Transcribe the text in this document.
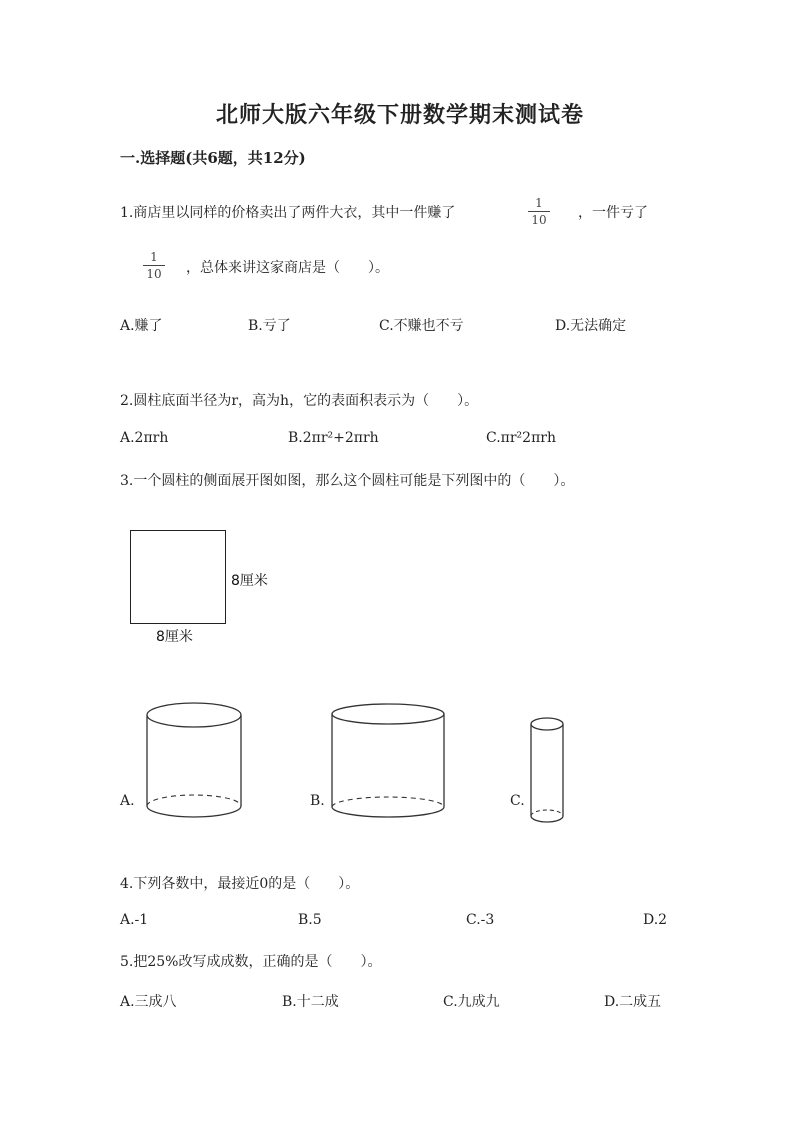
北师大版六年级下册数学期末测试卷
一.选择题(共6题，共12分)
1.商店里以同样的价格卖出了两件大衣，其中一件赚了
1
10 ，一件亏了
1
10 ，总体来讲这家商店是（　　）。
A.赚了	B.亏了	C.不赚也不亏	D.无法确定
2.圆柱底面半径为r，高为h，它的表面积表示为（　　）。
A.2πrh	B.2πr²+2πrh	C.πr²2πrh
3.一个圆柱的侧面展开图如图，那么这个圆柱可能是下列图中的（　　）。
8厘米
8厘米
A.	B.	C.
4.下列各数中，最接近0的是（　　）。
A.-1	B.5	C.-3	D.2
5.把25%改写成成数，正确的是（　　）。
A.三成八	B.十二成	C.九成九	D.二成五
